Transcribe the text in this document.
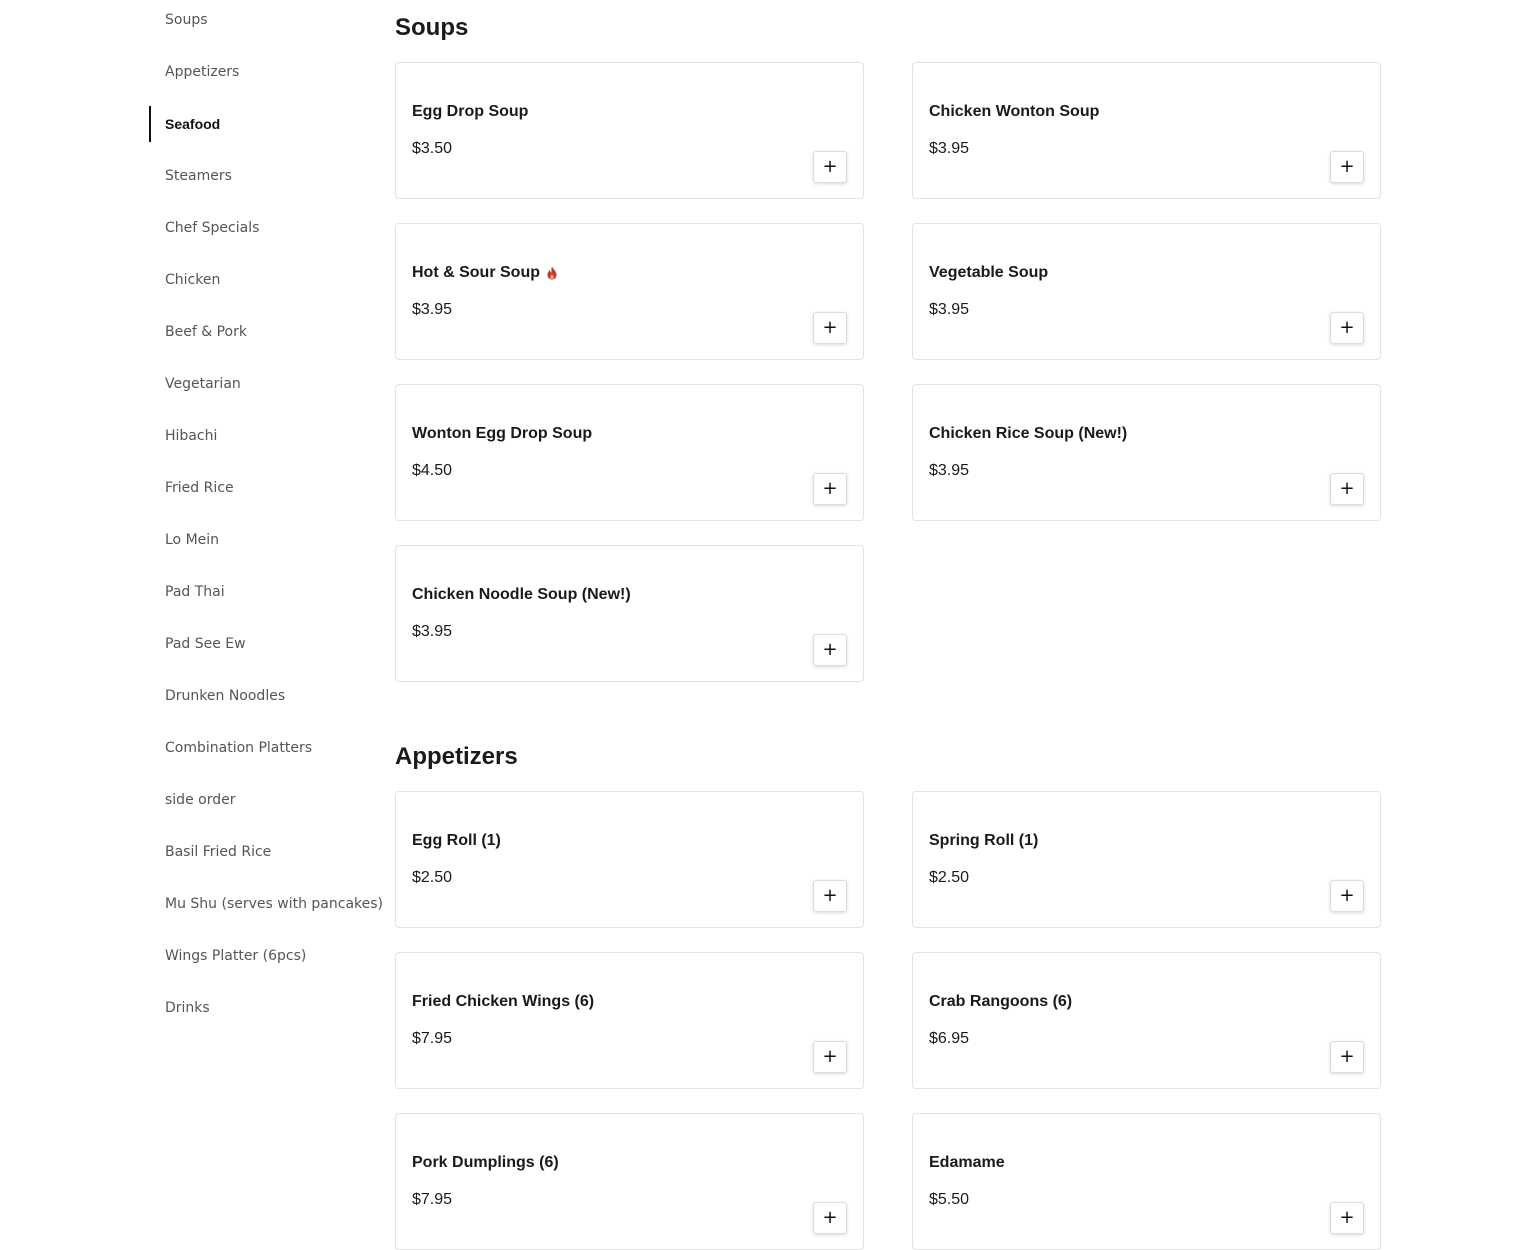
Soups
Appetizers
Seafood
Steamers
Chef Specials
Chicken
Beef & Pork
Vegetarian
Hibachi
Fried Rice
Lo Mein
Pad Thai
Pad See Ew
Drunken Noodles
Combination Platters
side order
Basil Fried Rice
Mu Shu (serves with pancakes)
Wings Platter (6pcs)
Drinks
Soups
Egg Drop Soup
$3.50
+
Chicken Wonton Soup
$3.95
+
Hot & Sour Soup
$3.95
+
Vegetable Soup
$3.95
+
Wonton Egg Drop Soup
$4.50
+
Chicken Rice Soup (New!)
$3.95
+
Chicken Noodle Soup (New!)
$3.95
+
Appetizers
Egg Roll (1)
$2.50
+
Spring Roll (1)
$2.50
+
Fried Chicken Wings (6)
$7.95
+
Crab Rangoons (6)
$6.95
+
Pork Dumplings (6)
$7.95
+
Edamame
$5.50
+
